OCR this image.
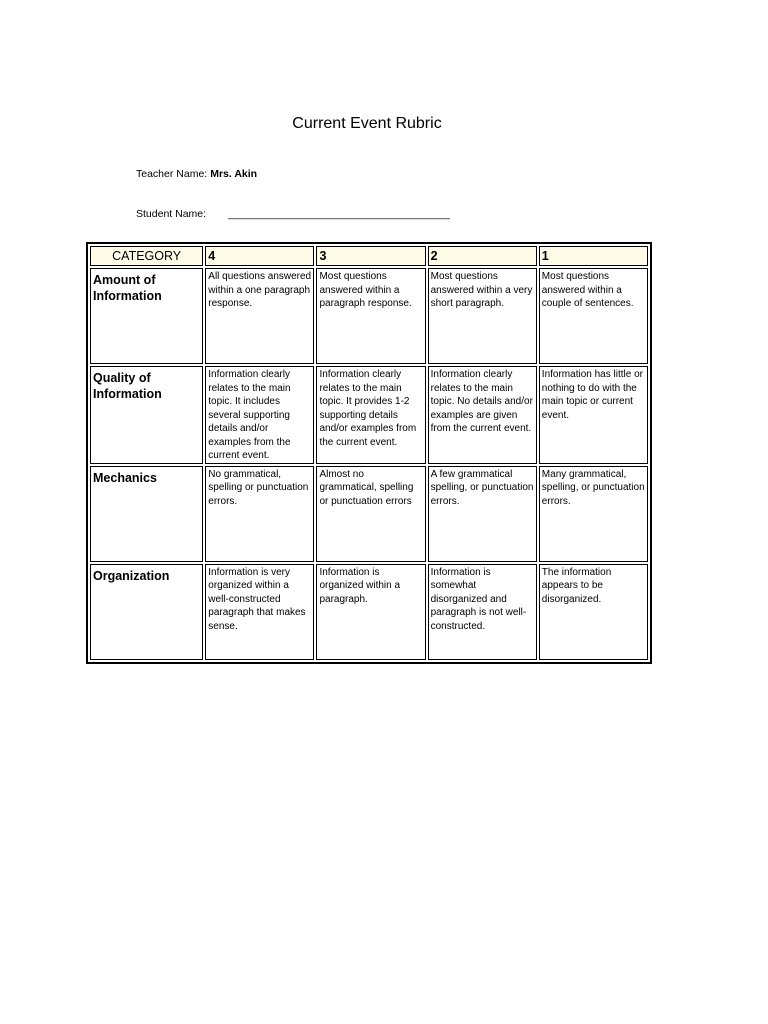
Current Event Rubric
Teacher Name: Mrs. Akin
Student Name: ________________________________________
CATEGORY	4	3	2	1
Amount of Information	All questions answered within a one paragraph response.	Most questions answered within a paragraph response.	Most questions answered within a very short paragraph.	Most questions answered within a couple of sentences.
Quality of Information	Information clearly relates to the main topic. It includes several supporting details and/or examples from the current event.	Information clearly relates to the main topic. It provides 1-2 supporting details and/or examples from the current event.	Information clearly relates to the main topic. No details and/or examples are given from the current event.	Information has little or nothing to do with the main topic or current event.
Mechanics	No grammatical, spelling or punctuation errors.	Almost no grammatical, spelling or punctuation errors	A few grammatical spelling, or punctuation errors.	Many grammatical, spelling, or punctuation errors.
Organization	Information is very organized within a well-constructed paragraph that makes sense.	Information is organized within a paragraph.	Information is somewhat disorganized and paragraph is not well-constructed.	The information appears to be disorganized.
